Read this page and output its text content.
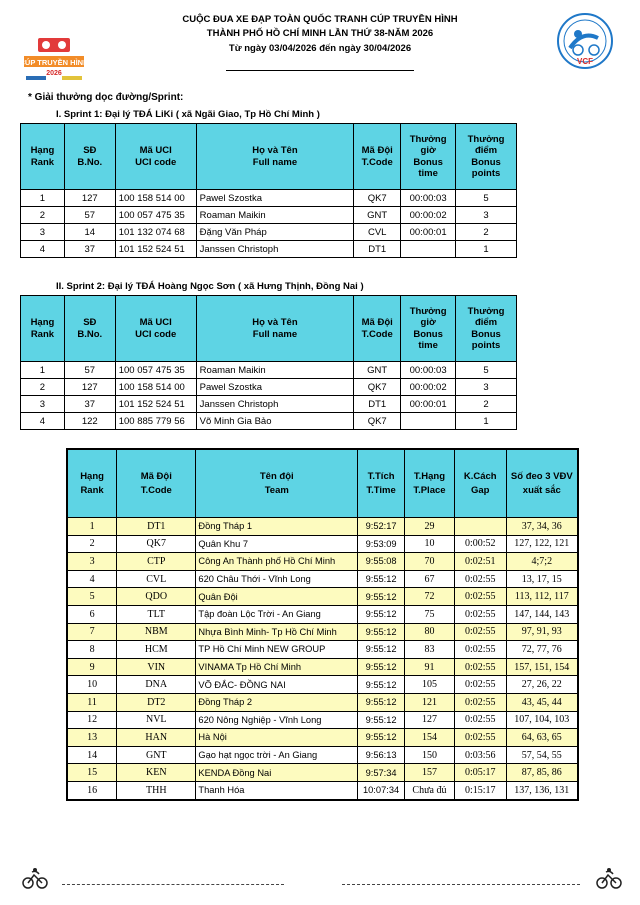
CÚP TRUYỀN HÌNH
2026
CUỘC ĐUA XE ĐẠP TOÀN QUỐC TRANH CÚP TRUYỀN HÌNH
THÀNH PHỐ HỒ CHÍ MINH LẦN THỨ 38-NĂM 2026
Từ ngày 03/04/2026 đến ngày 30/04/2026
VCF
* Giải thưởng dọc đường/Sprint:
I. Sprint 1: Đại lý TĐÁ LiKi ( xã Ngãi Giao, Tp Hồ Chí Minh )
Hạng
Rank	SĐ
B.No.	Mã UCI
UCI code	Họ và Tên
Full name	Mã Đội
T.Code	Thưởng
giờ
Bonus
time	Thưởng
điểm
Bonus
points
1	127	100 158 514 00	Pawel Szostka	QK7	00:00:03	5
2	57	100 057 475 35	Roaman Maikin	GNT	00:00:02	3
3	14	101 132 074 68	Đặng Văn Pháp	CVL	00:00:01	2
4	37	101 152 524 51	Janssen Christoph	DT1		1
II. Sprint 2: Đại lý TĐÁ Hoàng Ngọc Sơn ( xã Hưng Thịnh, Đồng Nai )
Hạng
Rank	SĐ
B.No.	Mã UCI
UCI code	Họ và Tên
Full name	Mã Đội
T.Code	Thưởng
giờ
Bonus
time	Thưởng
điểm
Bonus
points
1	57	100 057 475 35	Roaman Maikin	GNT	00:00:03	5
2	127	100 158 514 00	Pawel Szostka	QK7	00:00:02	3
3	37	101 152 524 51	Janssen Christoph	DT1	00:00:01	2
4	122	100 885 779 56	Võ Minh Gia Bảo	QK7		1
Hạng
Rank	Mã Đội
T.Code	Tên đội
Team	T.Tích
T.Time	T.Hạng
T.Place	K.Cách
Gap	Số đeo 3 VĐV
xuất sắc
1	DT1	Đồng Tháp 1	9:52:17	29		37, 34, 36
2	QK7	Quân Khu 7	9:53:09	10	0:00:52	127, 122, 121
3	CTP	Công An Thành phố Hồ Chí Minh	9:55:08	70	0:02:51	4;7;2
4	CVL	620 Châu Thới - Vĩnh Long	9:55:12	67	0:02:55	13, 17, 15
5	QDO	Quân Đội	9:55:12	72	0:02:55	113, 112, 117
6	TLT	Tập đoàn Lộc Trời - An Giang	9:55:12	75	0:02:55	147, 144, 143
7	NBM	Nhựa Bình Minh- Tp Hồ Chí Minh	9:55:12	80	0:02:55	97, 91, 93
8	HCM	TP Hồ Chí Minh NEW GROUP	9:55:12	83	0:02:55	72, 77, 76
9	VIN	VINAMA Tp Hồ Chí Minh	9:55:12	91	0:02:55	157, 151, 154
10	DNA	VÕ ĐẮC- ĐỒNG NAI	9:55:12	105	0:02:55	27, 26, 22
11	DT2	Đồng Tháp 2	9:55:12	121	0:02:55	43, 45, 44
12	NVL	620 Nông Nghiệp - Vĩnh Long	9:55:12	127	0:02:55	107, 104, 103
13	HAN	Hà Nội	9:55:12	154	0:02:55	64, 63, 65
14	GNT	Gạo hạt ngọc trời - An Giang	9:56:13	150	0:03:56	57, 54, 55
15	KEN	KENDA Đồng Nai	9:57:34	157	0:05:17	87, 85, 86
16	THH	Thanh Hóa	10:07:34	Chưa đủ	0:15:17	137, 136, 131
